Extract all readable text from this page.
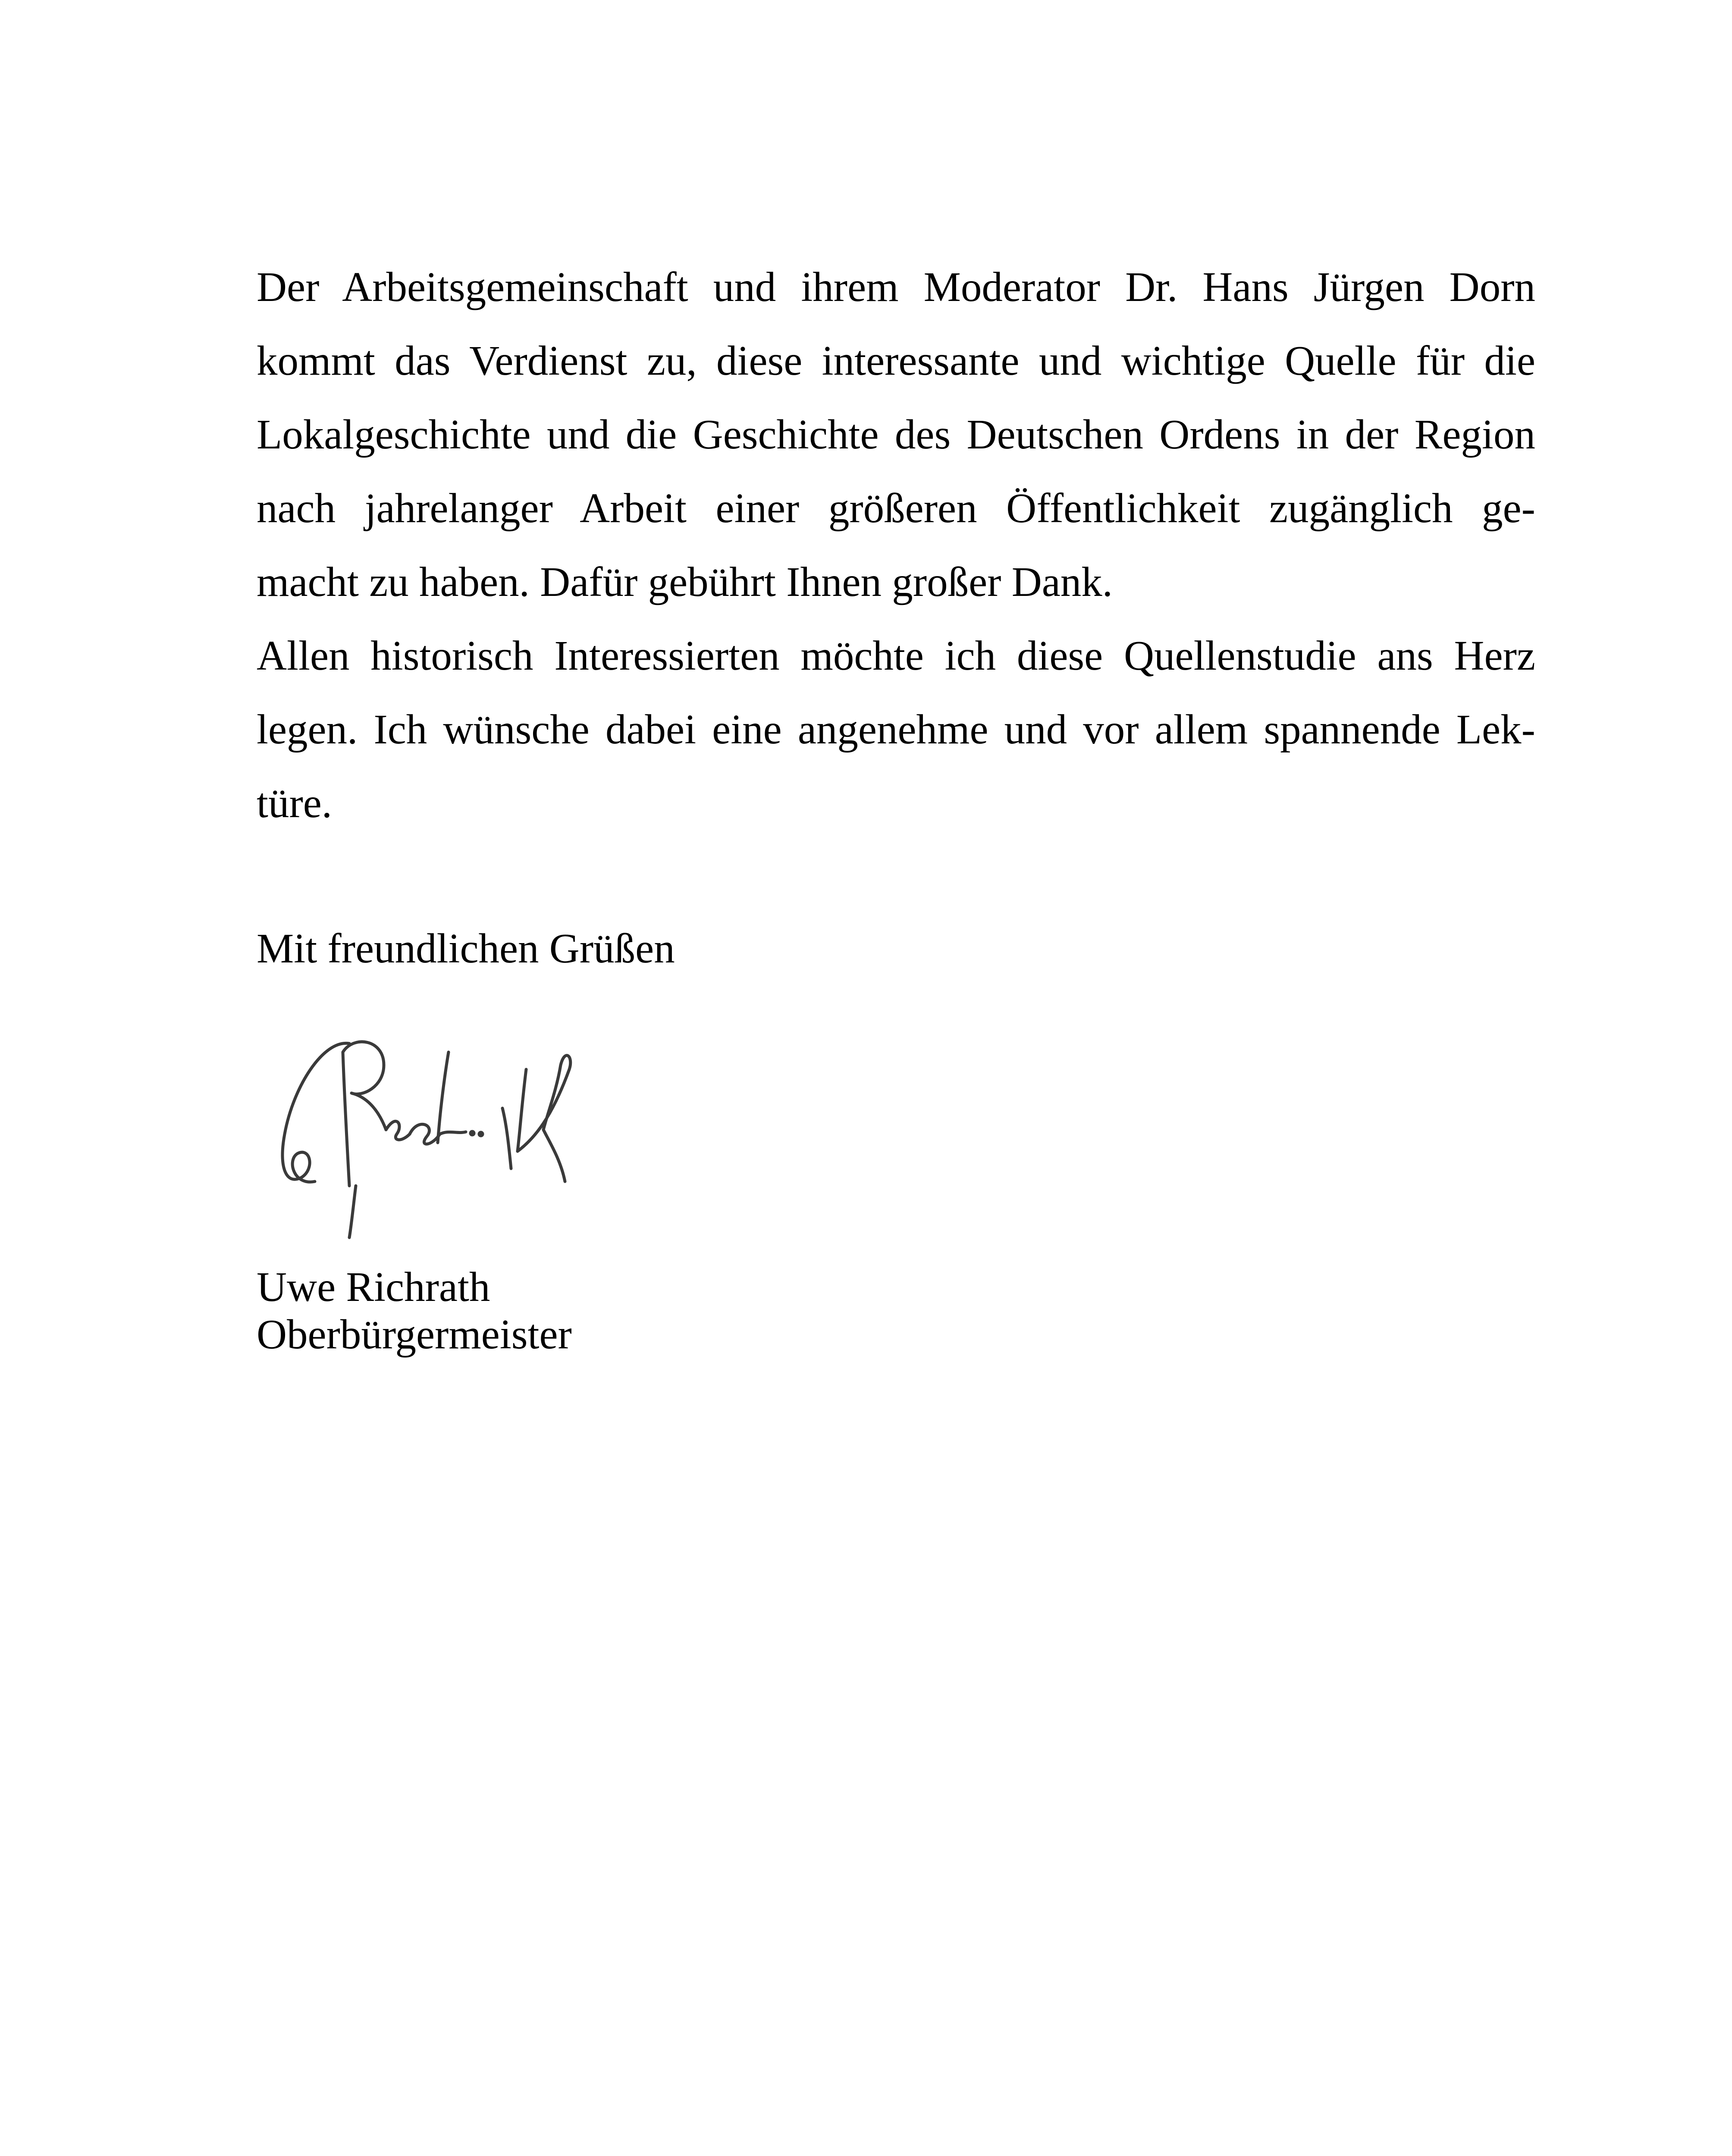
Der Arbeitsgemeinschaft und ihrem Moderator Dr. Hans Jürgen Dorn
kommt das Verdienst zu, diese interessante und wichtige Quelle für die
Lokalgeschichte und die Geschichte des Deutschen Ordens in der Region
nach jahrelanger Arbeit einer größeren Öffentlichkeit zugänglich ge-
macht zu haben. Dafür gebührt Ihnen großer Dank.
Allen historisch Interessierten möchte ich diese Quellenstudie ans Herz
legen. Ich wünsche dabei eine angenehme und vor allem spannende Lek-
türe.
Mit freundlichen Grüßen
Uwe Richrath
Oberbürgermeister
